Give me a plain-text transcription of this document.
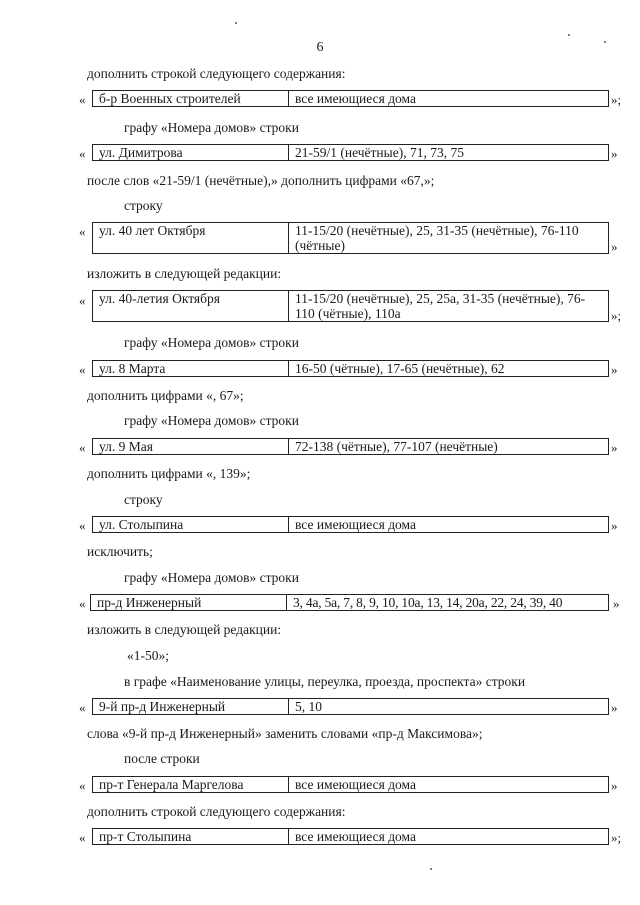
6
дополнить строкой следующего содержания:
« б-р Военных строителей	все имеющиеся дома	»;
графу «Номера домов» строки
« ул. Димитрова	21-59/1 (нечётные), 71, 73, 75	»
после слов «21-59/1 (нечётные),» дополнить цифрами «67,»;
строку
« ул. 40 лет Октября	11-15/20 (нечётные), 25, 31-35 (нечётные), 76-110 (чётные)	»
изложить в следующей редакции:
« ул. 40-летия Октября	11-15/20 (нечётные), 25, 25а, 31-35 (нечётные), 76-110 (чётные), 110а	»;
графу «Номера домов» строки
« ул. 8 Марта	16-50 (чётные), 17-65 (нечётные), 62	»
дополнить цифрами «, 67»;
графу «Номера домов» строки
« ул. 9 Мая	72-138 (чётные), 77-107 (нечётные)	»
дополнить цифрами «, 139»;
строку
« ул. Столыпина	все имеющиеся дома	»
исключить;
графу «Номера домов» строки
« пр-д Инженерный	3, 4а, 5а, 7, 8, 9, 10, 10а, 13, 14, 20а, 22, 24, 39, 40	»
изложить в следующей редакции:
«1-50»;
в графе «Наименование улицы, переулка, проезда, проспекта» строки
« 9-й пр-д Инженерный	5, 10	»
слова «9-й пр-д Инженерный» заменить словами «пр-д Максимова»;
после строки
« пр-т Генерала Маргелова	все имеющиеся дома	»
дополнить строкой следующего содержания:
« пр-т Столыпина	все имеющиеся дома	»;
